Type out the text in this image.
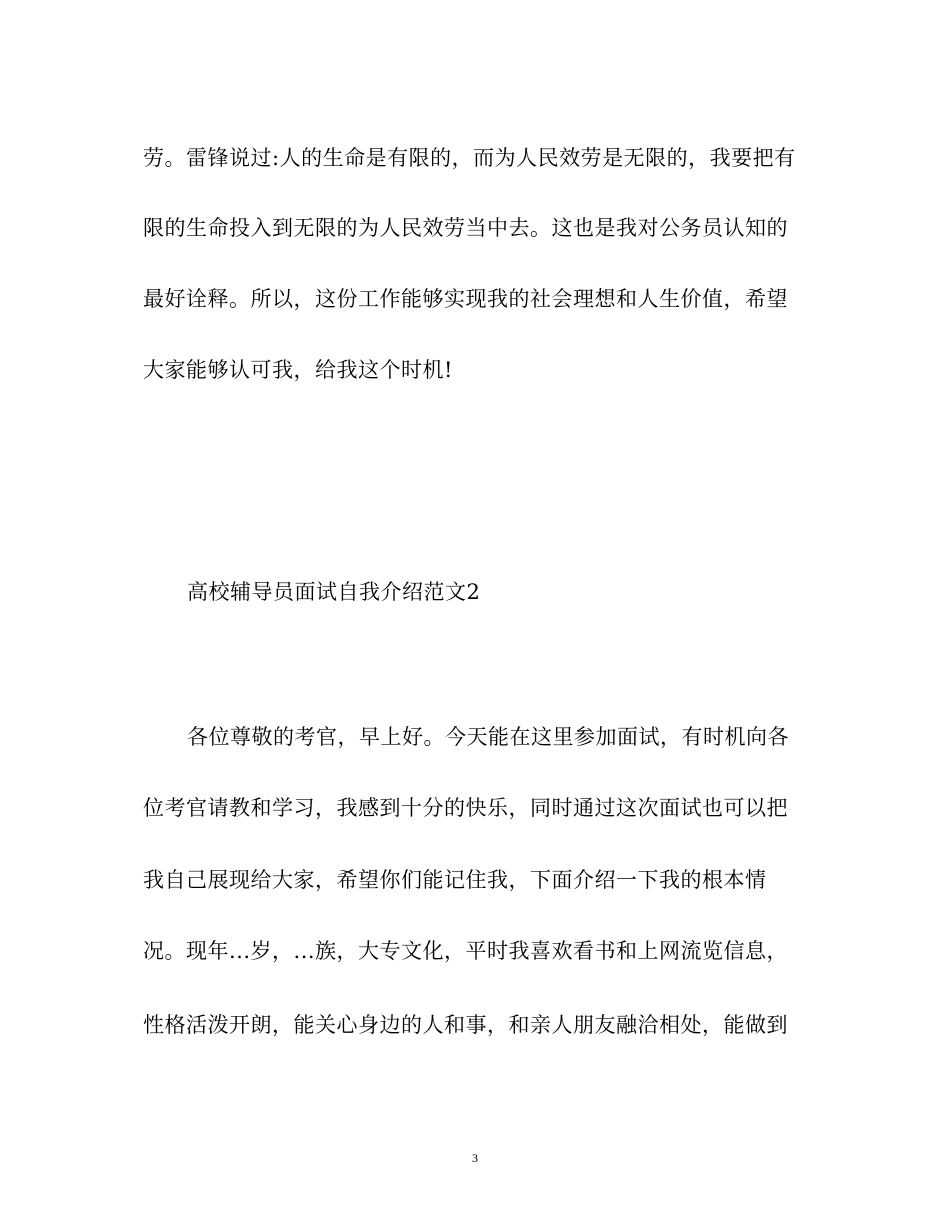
劳。雷锋说过:人的生命是有限的，而为人民效劳是无限的，我要把有
限的生命投入到无限的为人民效劳当中去。这也是我对公务员认知的
最好诠释。所以，这份工作能够实现我的社会理想和人生价值，希望
大家能够认可我，给我这个时机!
高校辅导员面试自我介绍范文2
各位尊敬的考官，早上好。今天能在这里参加面试，有时机向各
位考官请教和学习，我感到十分的快乐，同时通过这次面试也可以把
我自己展现给大家，希望你们能记住我，下面介绍一下我的根本情
况。现年...岁，...族，大专文化，平时我喜欢看书和上网流览信息，
性格活泼开朗，能关心身边的人和事，和亲人朋友融洽相处，能做到
3
